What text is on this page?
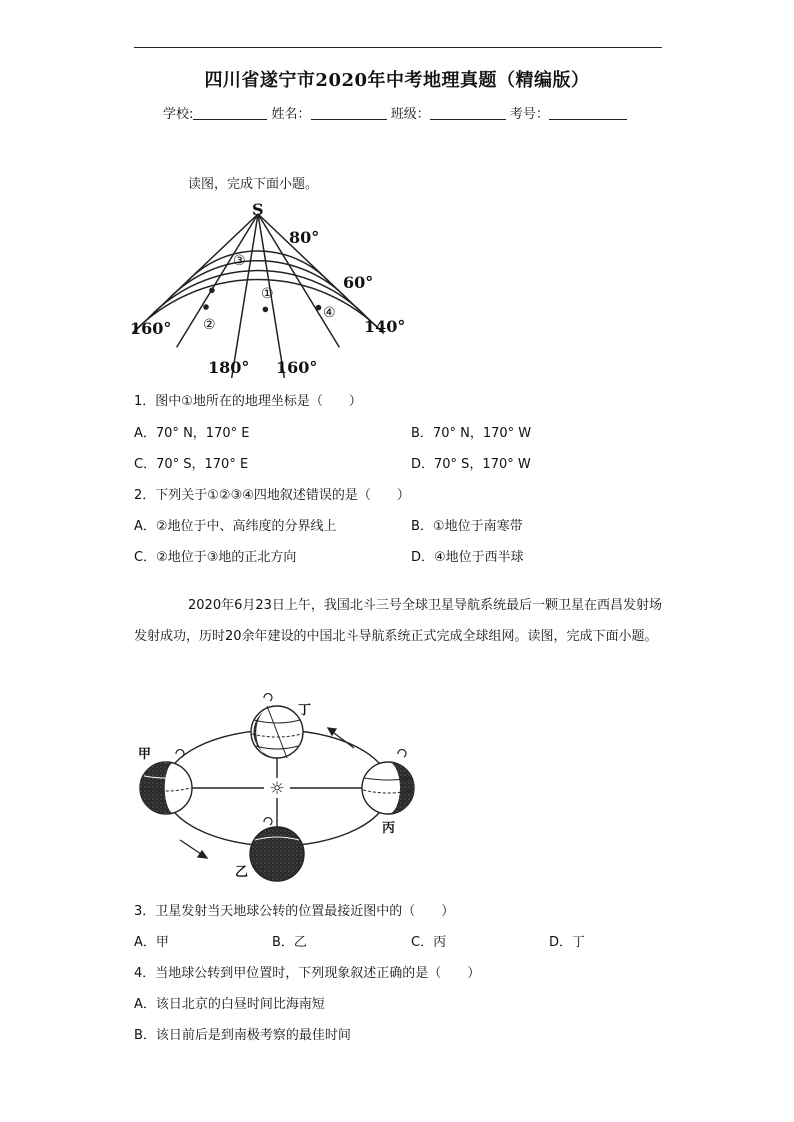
四川省遂宁市2020年中考地理真题（精编版）
学校:	姓名：	班级：	考号：
读图，完成下面小题。
S
80°
60°
160°	140°
180° 160°
③
①
②
④
1．图中①地所在的地理坐标是（　　）
A．70° N，170° E	B．70° N，170° W
C．70° S，170° E	D．70° S，170° W
2．下列关于①②③④四地叙述错误的是（　　）
A．②地位于中、高纬度的分界线上	B．①地位于南寒带
C．②地位于③地的正北方向	D．④地位于西半球
2020年6月23日上午，我国北斗三号全球卫星导航系统最后一颗卫星在西昌发射场发射成功，历时20余年建设的中国北斗导航系统正式完成全球组网。读图，完成下面小题。
☼
甲
乙
丙
丁
3．卫星发射当天地球公转的位置最接近图中的（　　）
A．甲	B．乙	C．丙	D．丁
4．当地球公转到甲位置时，下列现象叙述正确的是（　　）
A．该日北京的白昼时间比海南短
B．该日前后是到南极考察的最佳时间
